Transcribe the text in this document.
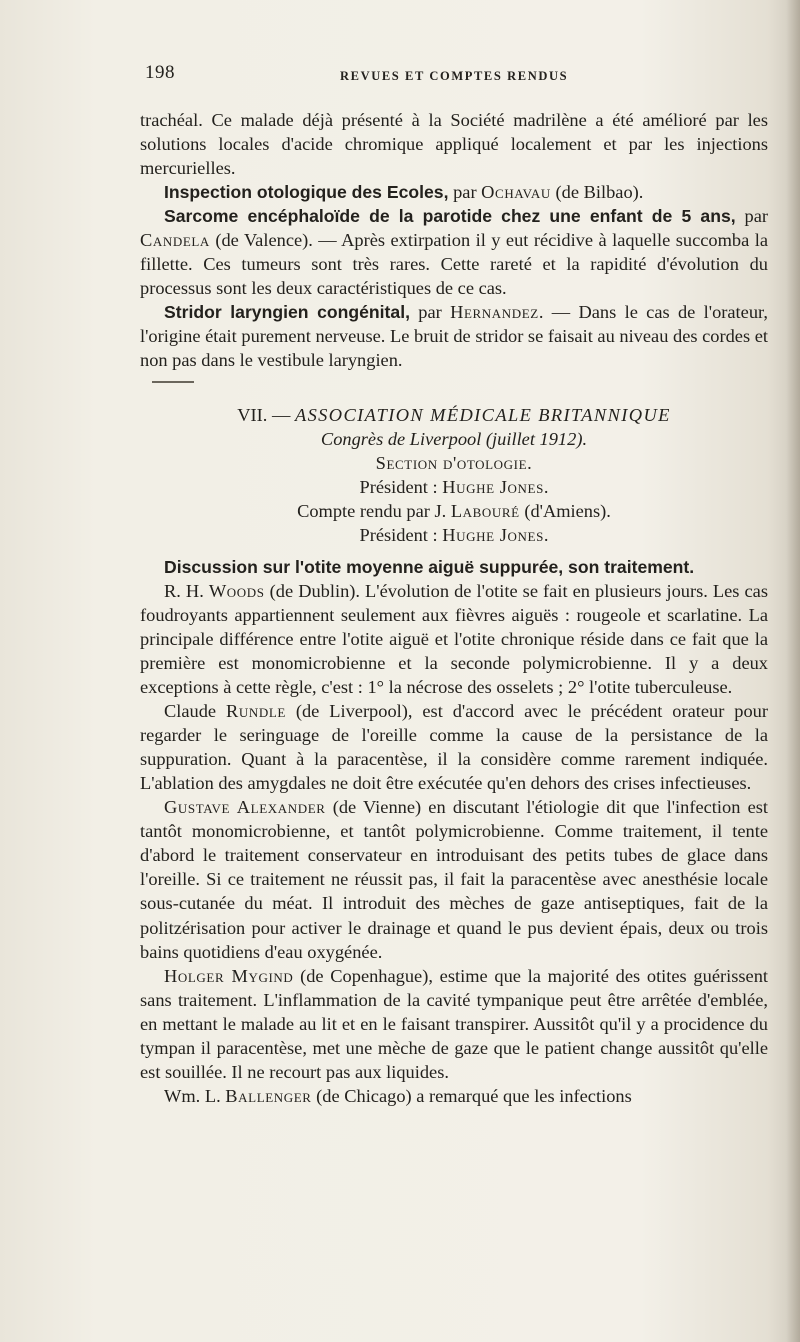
198	REVUES ET COMPTES RENDUS

trachéal. Ce malade déjà présenté à la Société madrilène a été amélioré par les solutions locales d'acide chromique appliqué localement et par les injections mercurielles.

Inspection otologique des Ecoles, par Ochavau (de Bilbao).

Sarcome encéphaloïde de la parotide chez une enfant de 5 ans, par Candela (de Valence). — Après extirpation il y eut récidive à laquelle succomba la fillette. Ces tumeurs sont très rares. Cette rareté et la rapidité d'évolution du processus sont les deux caractéristiques de ce cas.

Stridor laryngien congénital, par Hernandez. — Dans le cas de l'orateur, l'origine était purement nerveuse. Le bruit de stridor se faisait au niveau des cordes et non pas dans le vestibule laryngien.

VII. — ASSOCIATION MÉDICALE BRITANNIQUE

Congrès de Liverpool (juillet 1912).

Section d'otologie.

Président : Hughe Jones.

Compte rendu par J. Labouré (d'Amiens).

Président : Hughe Jones.

Discussion sur l'otite moyenne aiguë suppurée, son traitement.

R. H. Woods (de Dublin). L'évolution de l'otite se fait en plusieurs jours. Les cas foudroyants appartiennent seulement aux fièvres aiguës : rougeole et scarlatine. La principale différence entre l'otite aiguë et l'otite chronique réside dans ce fait que la première est monomicrobienne et la seconde polymicrobienne. Il y a deux exceptions à cette règle, c'est : 1° la nécrose des osselets ; 2° l'otite tuberculeuse.

Claude Rundle (de Liverpool), est d'accord avec le précédent orateur pour regarder le seringuage de l'oreille comme la cause de la persistance de la suppuration. Quant à la paracentèse, il la considère comme rarement indiquée. L'ablation des amygdales ne doit être exécutée qu'en dehors des crises infectieuses.

Gustave Alexander (de Vienne) en discutant l'étiologie dit que l'infection est tantôt monomicrobienne, et tantôt polymicrobienne. Comme traitement, il tente d'abord le traitement conservateur en introduisant des petits tubes de glace dans l'oreille. Si ce traitement ne réussit pas, il fait la paracentèse avec anesthésie locale sous-cutanée du méat. Il introduit des mèches de gaze antiseptiques, fait de la politzérisation pour activer le drainage et quand le pus devient épais, deux ou trois bains quotidiens d'eau oxygénée.

Holger Mygind (de Copenhague), estime que la majorité des otites guérissent sans traitement. L'inflammation de la cavité tympanique peut être arrêtée d'emblée, en mettant le malade au lit et en le faisant transpirer. Aussitôt qu'il y a procidence du tympan il paracentèse, met une mèche de gaze que le patient change aussitôt qu'elle est souillée. Il ne recourt pas aux liquides.

Wm. L. Ballenger (de Chicago) a remarqué que les infections
